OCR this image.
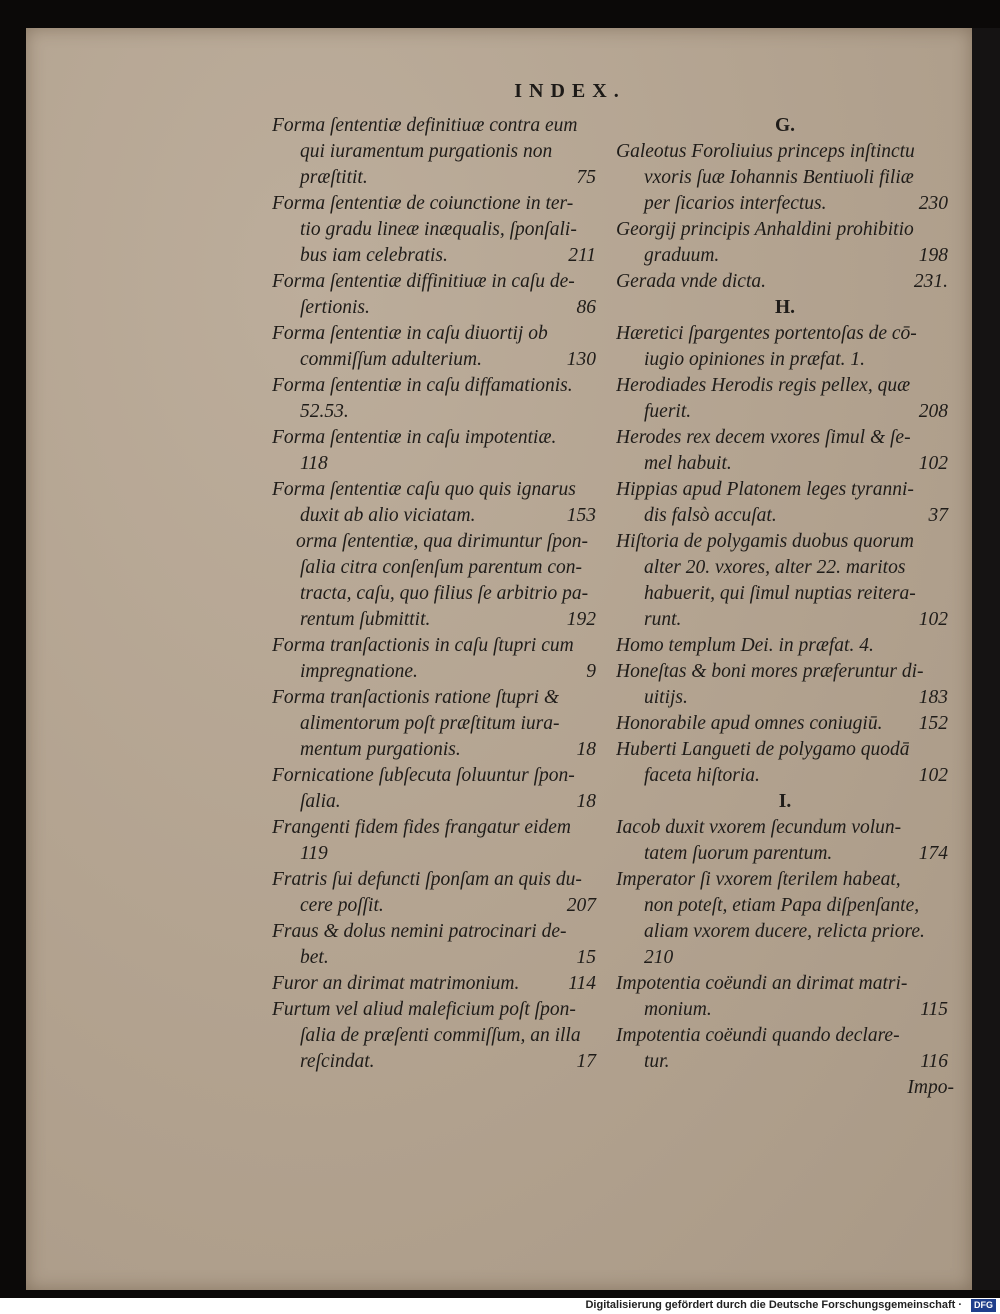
INDEX.
Forma ſententiæ definitiuæ contra eum
qui iuramentum purgationis non
præſtitit.	75
Forma ſententiæ de coiunctione in ter-
tio gradu lineæ inæqualis, ſponſali-
bus iam celebratis.	211
Forma ſententiæ diffinitiuæ in caſu de-
ſertionis.	86
Forma ſententiæ in caſu diuortij ob
commiſſum adulterium.	130
Forma ſententiæ in caſu diffamationis.
52.53.
Forma ſententiæ in caſu impotentiæ.
118
Forma ſententiæ caſu quo quis ignarus
duxit ab alio viciatam.	153
orma ſententiæ, qua dirimuntur ſpon-
ſalia citra conſenſum parentum con-
tracta, caſu, quo filius ſe arbitrio pa-
rentum ſubmittit.	192
Forma tranſactionis in caſu ſtupri cum
impregnatione.	9
Forma tranſactionis ratione ſtupri &
alimentorum poſt præſtitum iura-
mentum purgationis.	18
Fornicatione ſubſecuta ſoluuntur ſpon-
ſalia.	18
Frangenti fidem fides frangatur eidem
119
Fratris ſui defuncti ſponſam an quis du-
cere poſſit.	207
Fraus & dolus nemini patrocinari de-
bet.	15
Furor an dirimat matrimonium.	114
Furtum vel aliud maleficium poſt ſpon-
ſalia de præſenti commiſſum, an illa
reſcindat.	17
G.
Galeotus Foroliuius princeps inſtinctu
vxoris ſuæ Iohannis Bentiuoli filiæ
per ſicarios interfectus.	230
Georgij principis Anhaldini prohibitio
graduum.	198
Gerada vnde dicta.	231.
H.
Hæretici ſpargentes portentoſas de cō-
iugio opiniones in præfat. 1.
Herodiades Herodis regis pellex, quæ
fuerit.	208
Herodes rex decem vxores ſimul & ſe-
mel habuit.	102
Hippias apud Platonem leges tyranni-
dis falsò accuſat.	37
Hiſtoria de polygamis duobus quorum
alter 20. vxores, alter 22. maritos
habuerit, qui ſimul nuptias reitera-
runt.	102
Homo templum Dei. in præfat. 4.
Honeſtas & boni mores præferuntur di-
uitijs.	183
Honorabile apud omnes coniugiū. 152
Huberti Langueti de polygamo quodā
faceta hiſtoria.	102
I.
Iacob duxit vxorem ſecundum volun-
tatem ſuorum parentum.	174
Imperator ſi vxorem ſterilem habeat,
non poteſt, etiam Papa diſpenſante,
aliam vxorem ducere, relicta priore.
210
Impotentia coëundi an dirimat matri-
monium.	115
Impotentia coëundi quando declare-
tur.	116
Impo-
Digitalisierung gefördert durch die Deutsche Forschungsgemeinschaft ·	DFG
